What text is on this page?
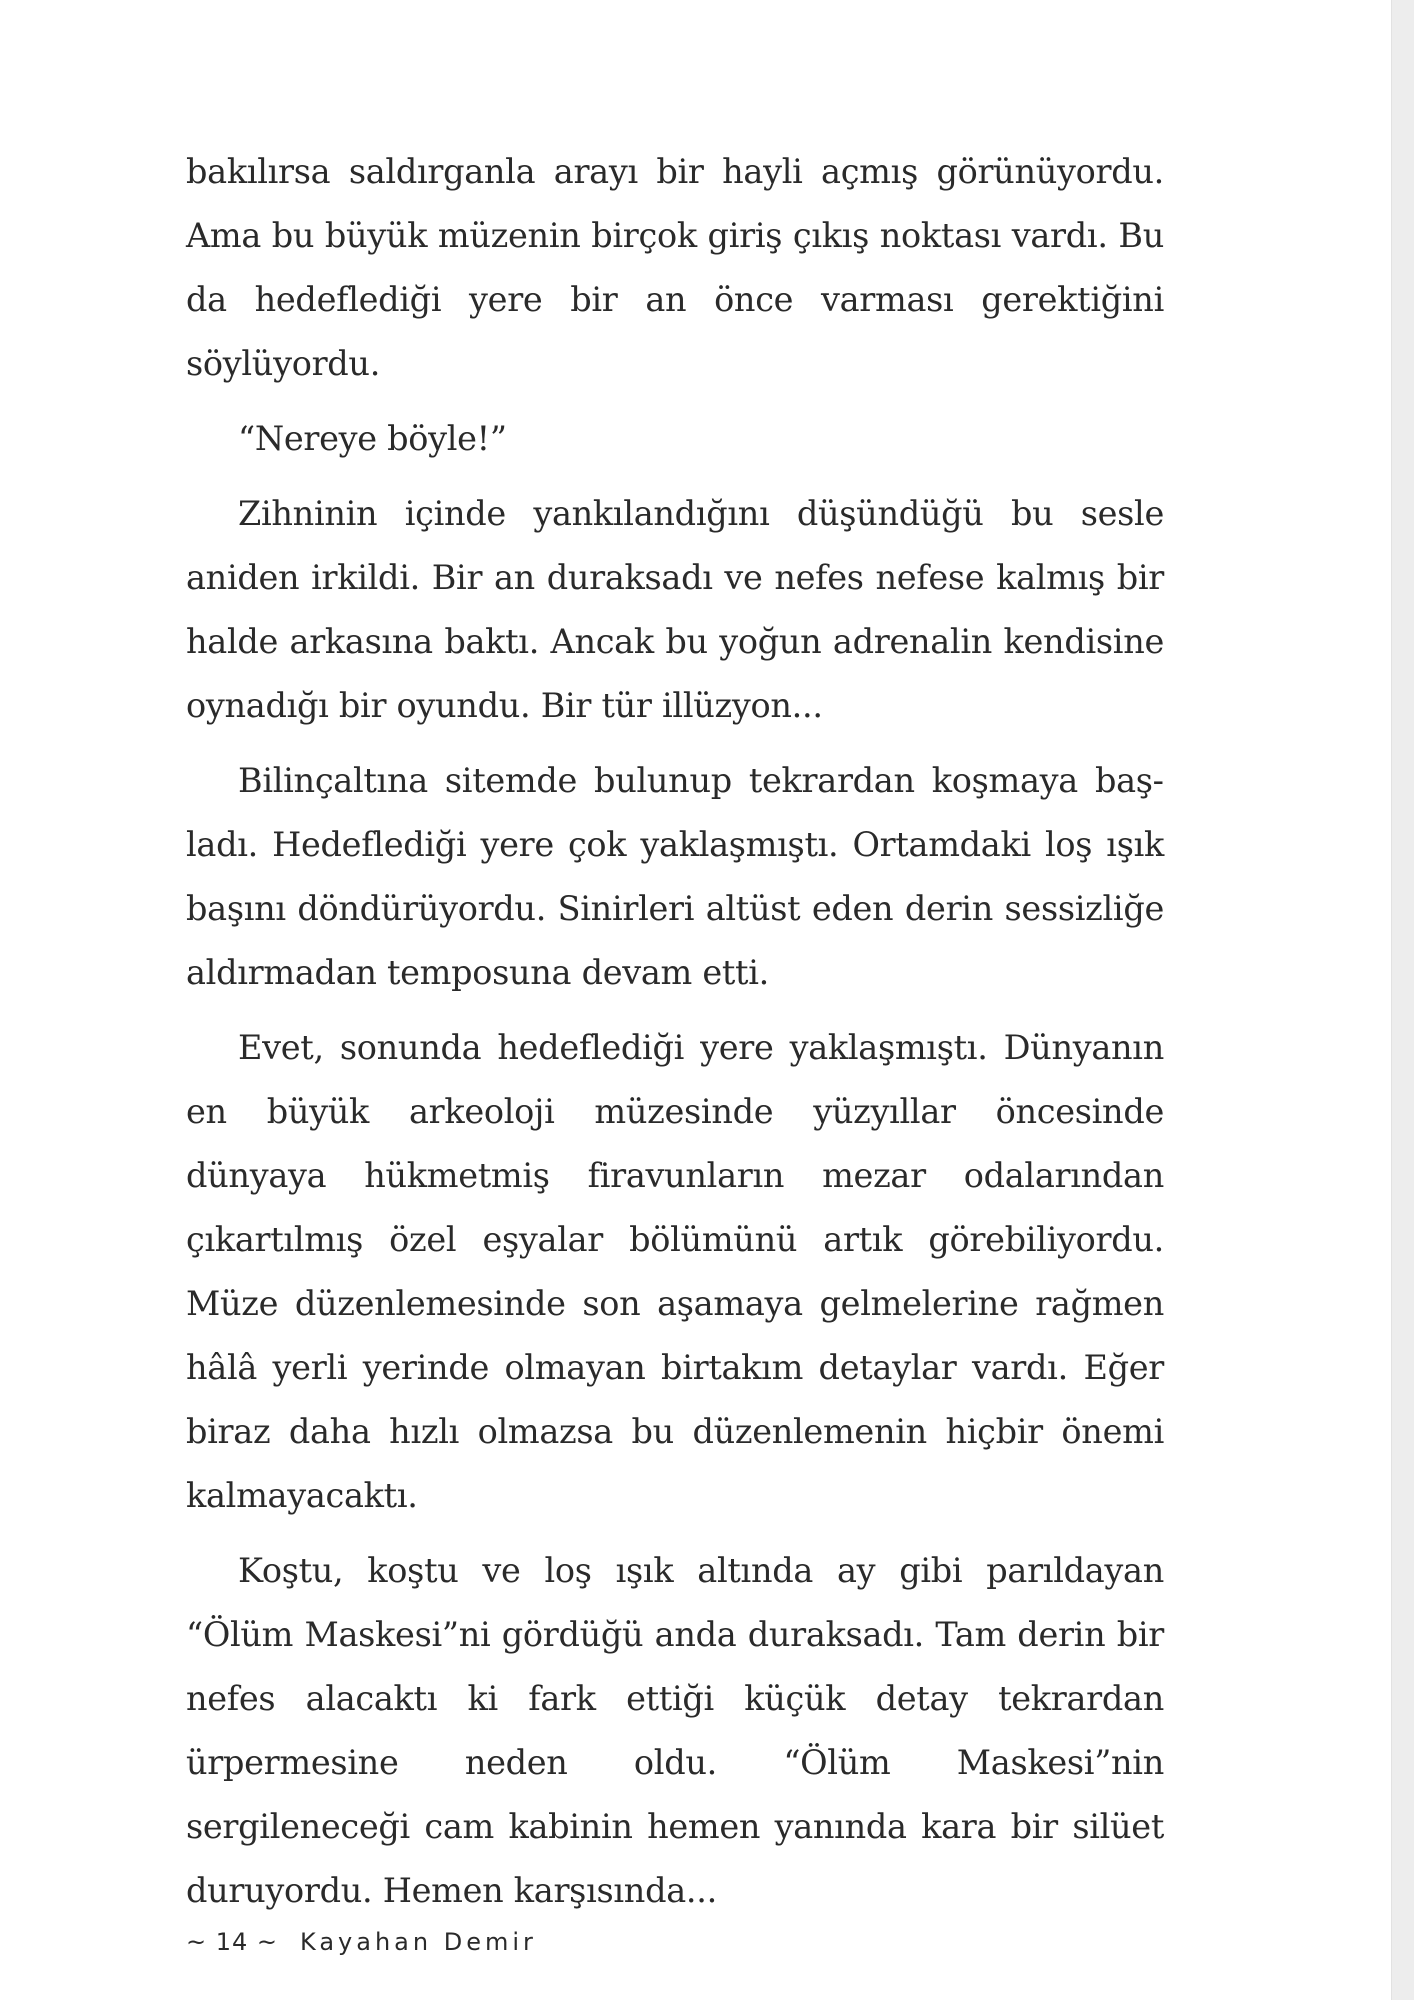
bakılırsa saldırganla arayı bir hayli açmış görünüyordu. Ama bu büyük müzenin birçok giriş çıkış noktası vardı. Bu da hedeflediği yere bir an önce varması gerektiğini söylüyordu.

“Nereye böyle!”

Zihninin içinde yankılandığını düşündüğü bu sesle aniden irkildi. Bir an duraksadı ve nefes nefese kalmış bir halde arkasına baktı. Ancak bu yoğun adrenalin kendisine oynadığı bir oyundu. Bir tür illüzyon...

Bilinçaltına sitemde bulunup tekrardan koşmaya başladı. Hedeflediği yere çok yaklaşmıştı. Ortamdaki loş ışık başını döndürüyordu. Sinirleri altüst eden derin sessizliğe aldırmadan temposuna devam etti.

Evet, sonunda hedeflediği yere yaklaşmıştı. Dünyanın en büyük arkeoloji müzesinde yüzyıllar öncesinde dünyaya hükmetmiş firavunların mezar odalarından çıkartılmış özel eşyalar bölümünü artık görebiliyordu. Müze düzenlemesinde son aşamaya gelmelerine rağmen hâlâ yerli yerinde olmayan birtakım detaylar vardı. Eğer biraz daha hızlı olmazsa bu düzenlemenin hiçbir önemi kalmayacaktı.

Koştu, koştu ve loş ışık altında ay gibi parıldayan “Ölüm Maskesi”ni gördüğü anda duraksadı. Tam derin bir nefes alacaktı ki fark ettiği küçük detay tekrardan ürpermesine neden oldu. “Ölüm Maskesi”nin sergileneceği cam kabinin hemen yanında kara bir silüet duruyordu. Hemen karşısında...

~ 14 ~ Kayahan Demir
